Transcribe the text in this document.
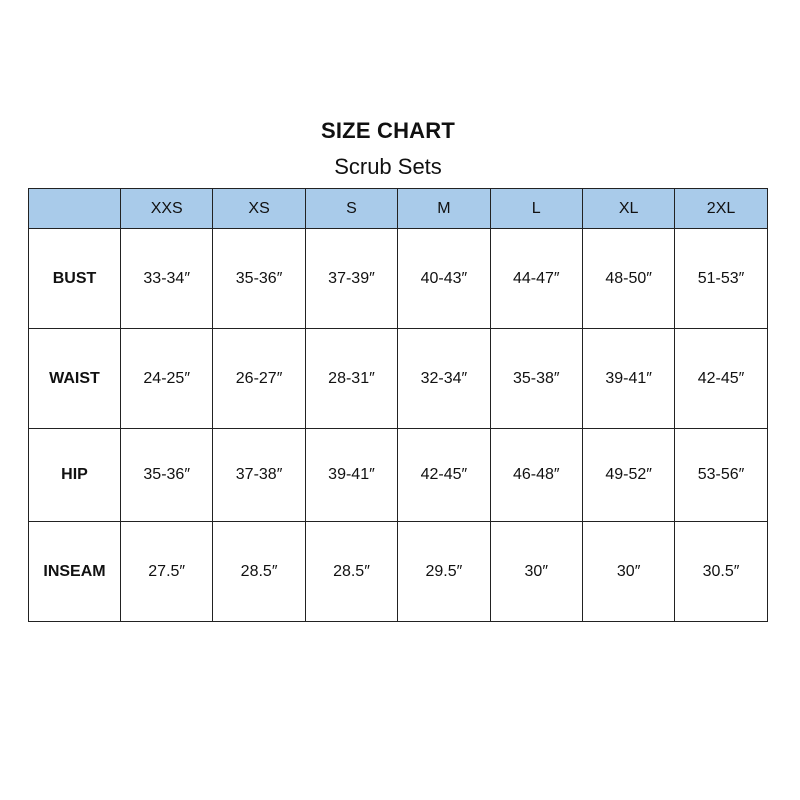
SIZE CHART
Scrub Sets
	XXS	XS	S	M	L	XL	2XL
BUST	33-34″	35-36″	37-39″	40-43″	44-47″	48-50″	51-53″
WAIST	24-25″	26-27″	28-31″	32-34″	35-38″	39-41″	42-45″
HIP	35-36″	37-38″	39-41″	42-45″	46-48″	49-52″	53-56″
INSEAM	27.5″	28.5″	28.5″	29.5″	30″	30″	30.5″
